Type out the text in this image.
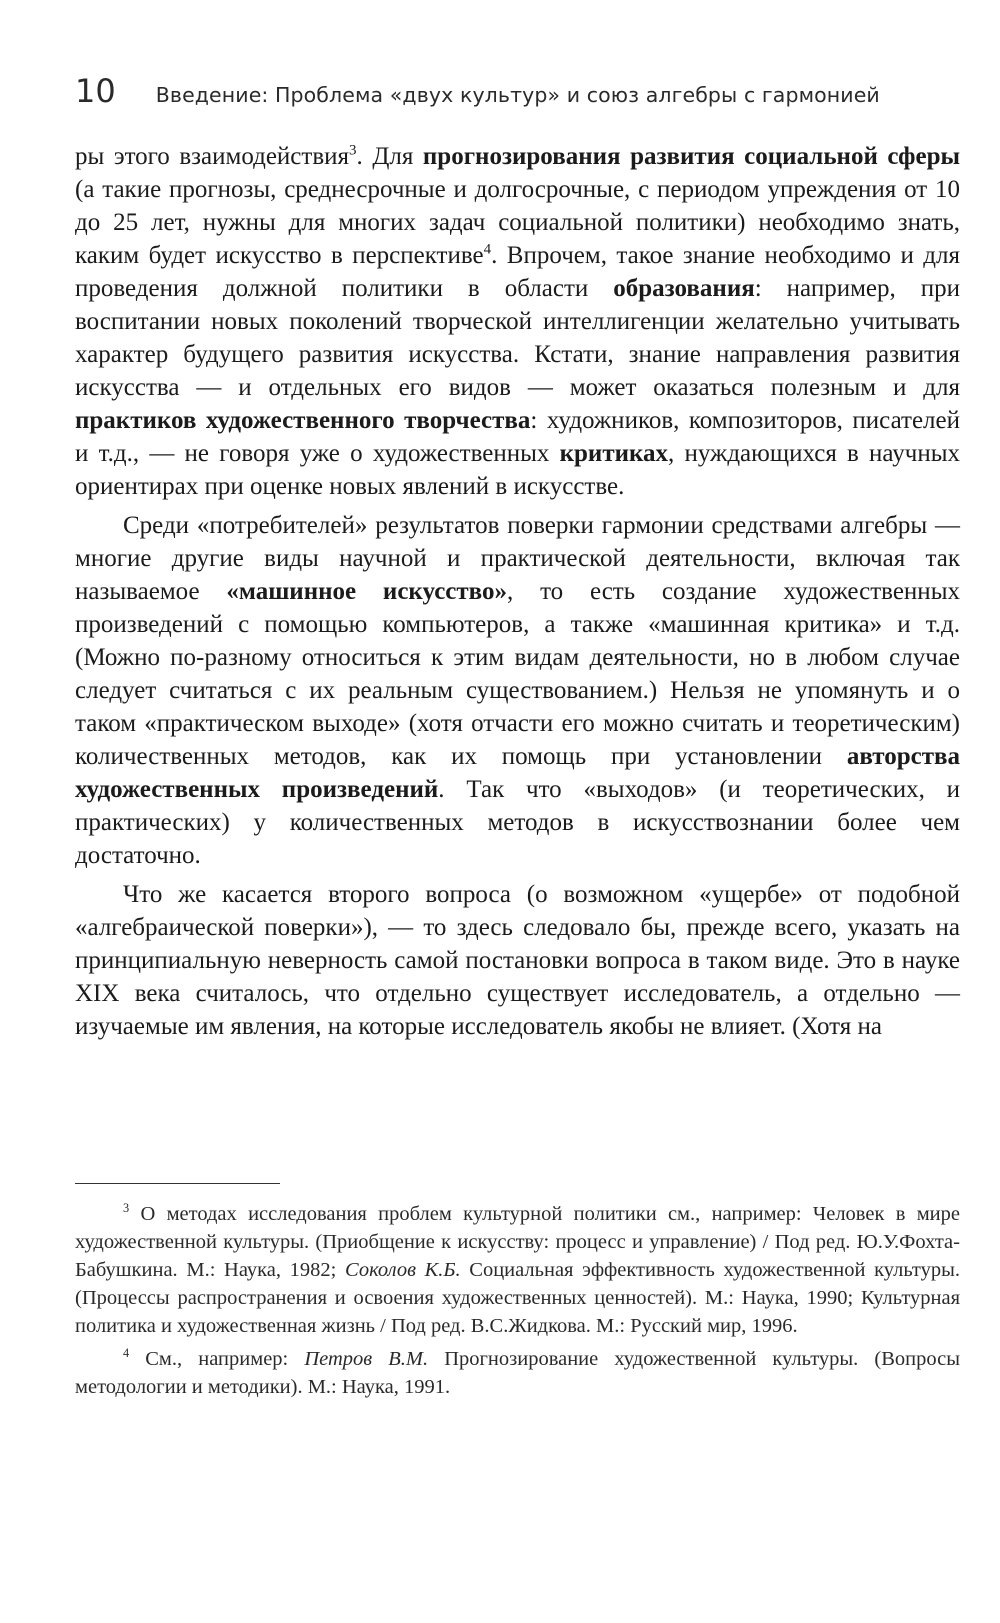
10 Введение: Проблема «двух культур» и союз алгебры с гармонией

ры этого взаимодействия$^3$. Для прогнозирования развития социальной сферы (а такие прогнозы, среднесрочные и долгосрочные, с периодом упреждения от 10 до 25 лет, нужны для многих задач социальной политики) необходимо знать, каким будет искусство в перспективе$^4$. Впрочем, такое знание необходимо и для проведения должной политики в области образования: например, при воспитании новых поколений творческой интеллигенции желательно учитывать характер будущего развития искусства. Кстати, знание направления развития искусства — и отдельных его видов — может оказаться полезным и для практиков художественного творчества: художников, композиторов, писателей и т.д., — не говоря уже о художественных критиках, нуждающихся в научных ориентирах при оценке новых явлений в искусстве.

Среди «потребителей» результатов поверки гармонии средствами алгебры — многие другие виды научной и практической деятельности, включая так называемое «машинное искусство», то есть создание художественных произведений с помощью компьютеров, а также «машинная критика» и т.д. (Можно по-разному относиться к этим видам деятельности, но в любом случае следует считаться с их реальным существованием.) Нельзя не упомянуть и о таком «практическом выходе» (хотя отчасти его можно считать и теоретическим) количественных методов, как их помощь при установлении авторства художественных произведений. Так что «выходов» (и теоретических, и практических) у количественных методов в искусствознании более чем достаточно.

Что же касается второго вопроса (о возможном «ущербе» от подобной «алгебраической поверки»), — то здесь следовало бы, прежде всего, указать на принципиальную неверность самой постановки вопроса в таком виде. Это в науке XIX века считалось, что отдельно существует исследователь, а отдельно — изучаемые им явления, на которые исследователь якобы не влияет. (Хотя на

$^3$ О методах исследования проблем культурной политики см., например: Человек в мире художественной культуры. (Приобщение к искусству: процесс и управление) / Под ред. Ю.У.Фохта-Бабушкина. М.: Наука, 1982; Соколов К.Б. Социальная эффективность художественной культуры. (Процессы распространения и освоения художественных ценностей). М.: Наука, 1990; Культурная политика и художественная жизнь / Под ред. В.С.Жидкова. М.: Русский мир, 1996.

$^4$ См., например: Петров В.М. Прогнозирование художественной культуры. (Вопросы методологии и методики). М.: Наука, 1991.
